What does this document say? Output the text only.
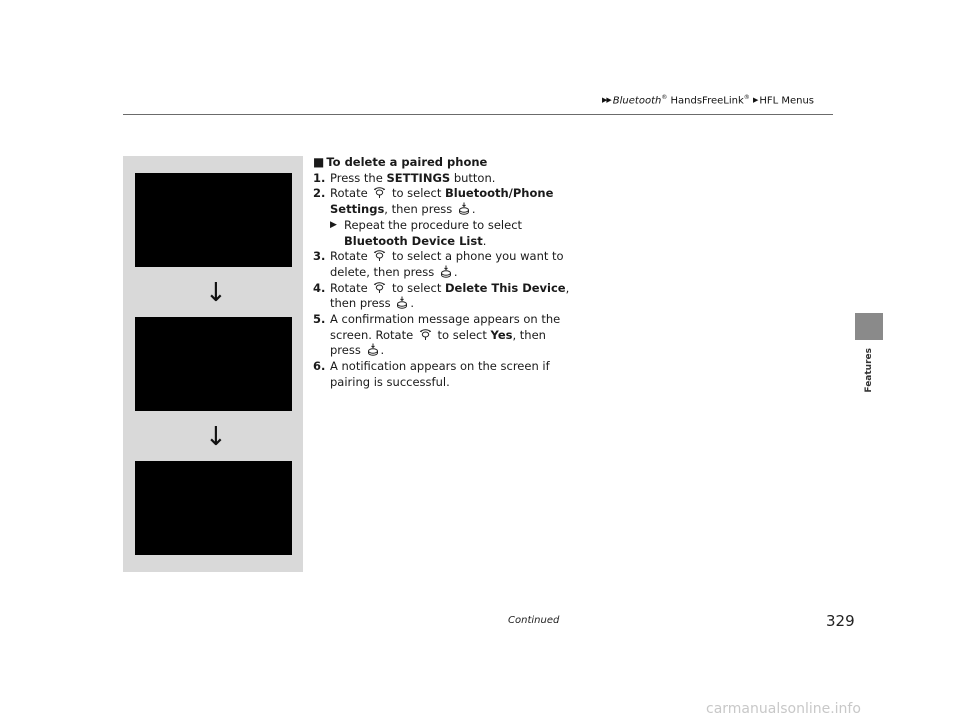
▶▶ Bluetooth® HandsFreeLink® ▶ HFL Menus
Features
↓
↓
■ To delete a paired phone
1. Press the SETTINGS button.
2. Rotate  to select Bluetooth/Phone Settings, then press .
▶ Repeat the procedure to select Bluetooth Device List.
3. Rotate  to select a phone you want to delete, then press .
4. Rotate  to select Delete This Device, then press .
5. A confirmation message appears on the screen. Rotate  to select Yes, then press .
6. A notification appears on the screen if pairing is successful.
Continued	329
carmanualsonline.info
